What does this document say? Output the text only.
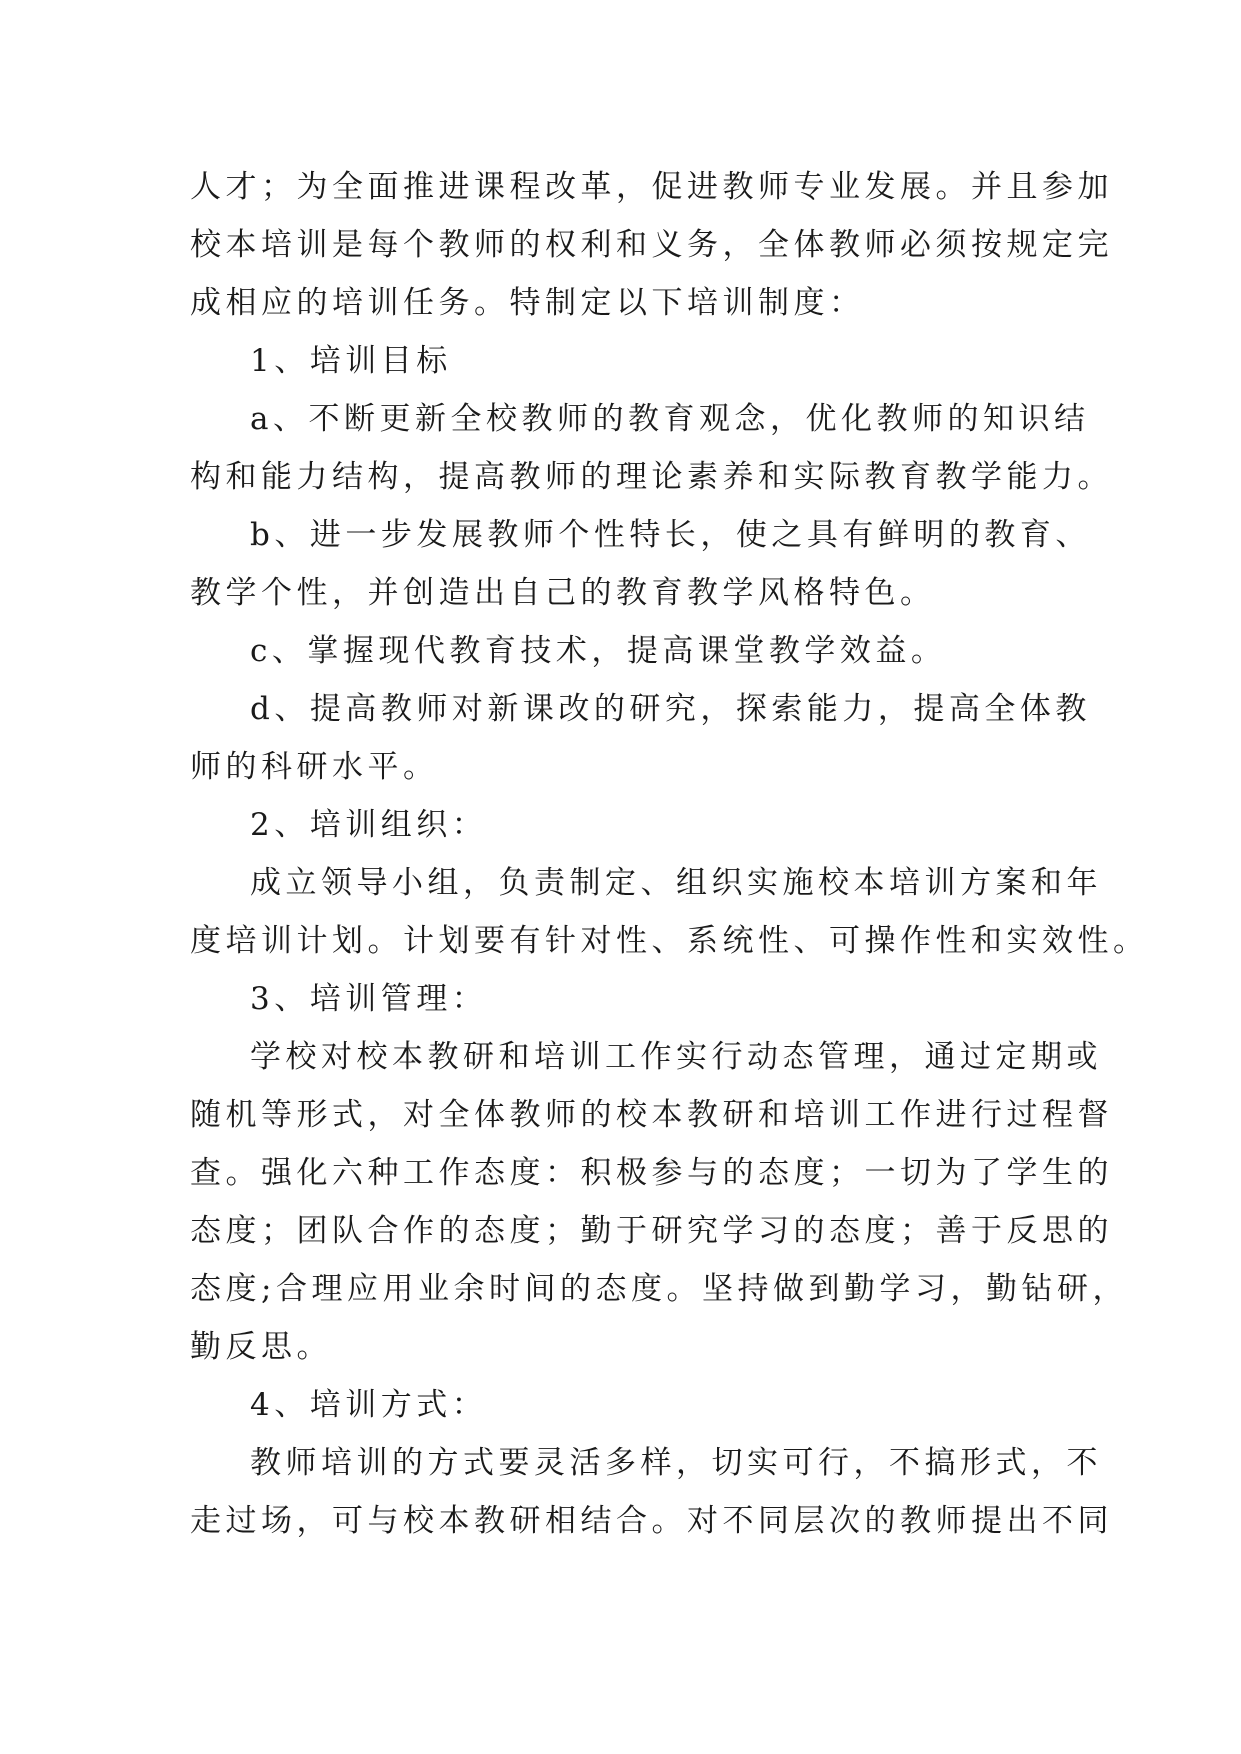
人才；为全面推进课程改革，促进教师专业发展。并且参加
校本培训是每个教师的权利和义务，全体教师必须按规定完
成相应的培训任务。特制定以下培训制度：
1、培训目标
a、不断更新全校教师的教育观念，优化教师的知识结
构和能力结构，提高教师的理论素养和实际教育教学能力。
b、进一步发展教师个性特长，使之具有鲜明的教育、
教学个性，并创造出自己的教育教学风格特色。
c、掌握现代教育技术，提高课堂教学效益。
d、提高教师对新课改的研究，探索能力，提高全体教
师的科研水平。
2、培训组织：
成立领导小组，负责制定、组织实施校本培训方案和年
度培训计划。计划要有针对性、系统性、可操作性和实效性。
3、培训管理：
学校对校本教研和培训工作实行动态管理，通过定期或
随机等形式，对全体教师的校本教研和培训工作进行过程督
查。强化六种工作态度：积极参与的态度；一切为了学生的
态度；团队合作的态度；勤于研究学习的态度；善于反思的
态度;合理应用业余时间的态度。坚持做到勤学习，勤钻研，
勤反思。
4、培训方式：
教师培训的方式要灵活多样，切实可行，不搞形式，不
走过场，可与校本教研相结合。对不同层次的教师提出不同
